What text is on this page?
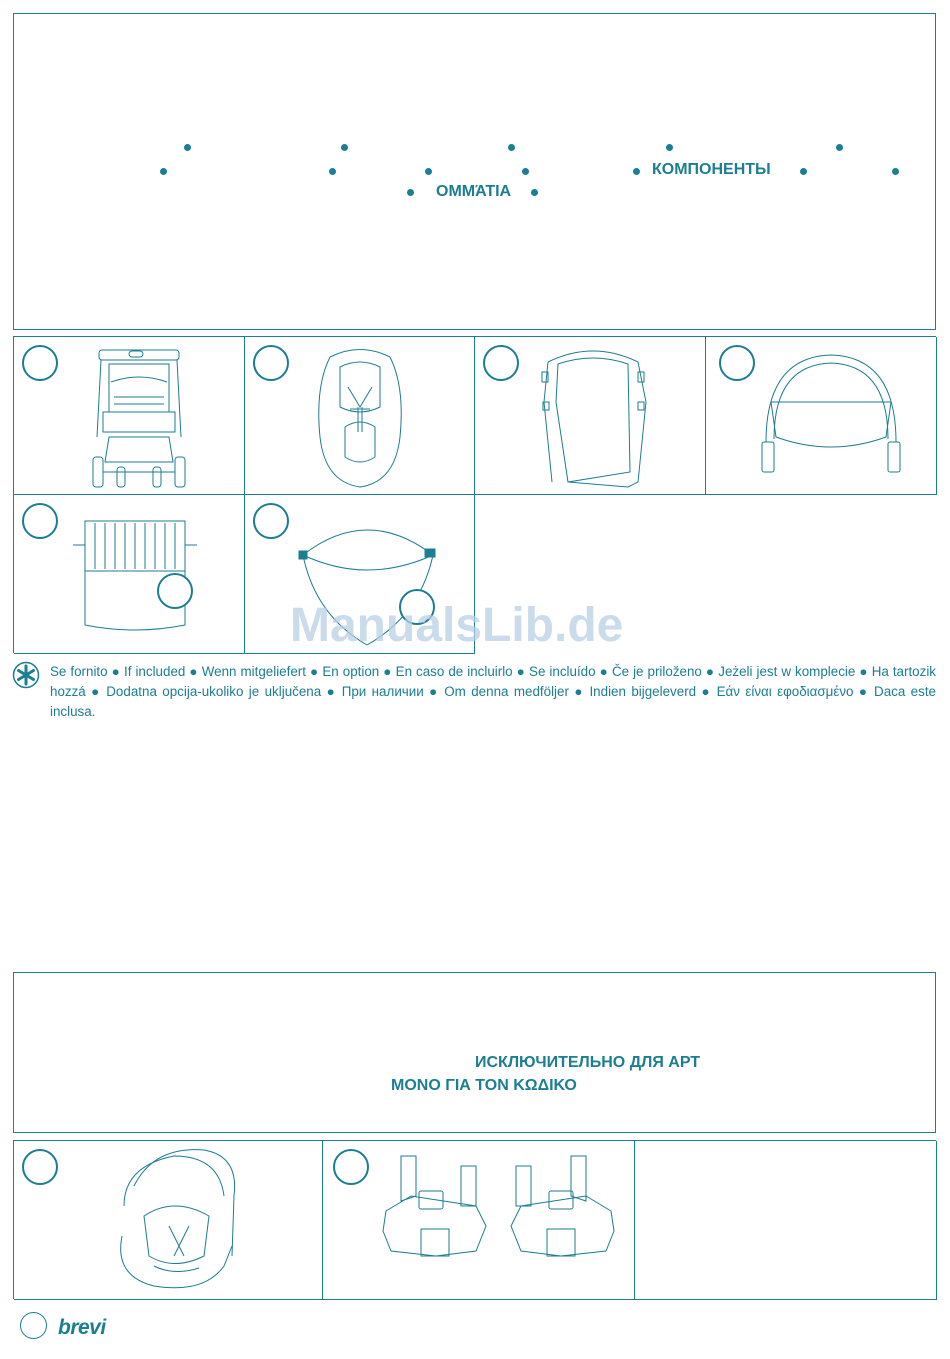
КОМПОНЕНТЫ
ΟΜΜΆΤΙΑ
ManualsLib.de
Se fornito ● If included ● Wenn mitgeliefert ● En option ● En caso de incluirlo ● Se incluído ● Če je priloženo ● Jeżeli jest w komplecie ● Ha tartozik hozzá ● Dodatna opcija-ukoliko je uključena ● При наличии ● Om denna medföljer ● Indien bijgeleverd ● Εάν είναι εφοδιασμένο ● Daca este inclusa.
ИСКЛЮЧИТЕЛЬНО ДЛЯ АРТ
ΜΟΝΟ ΓΙΑ ΤΟΝ ΚΩΔΙΚΟ
brevi
